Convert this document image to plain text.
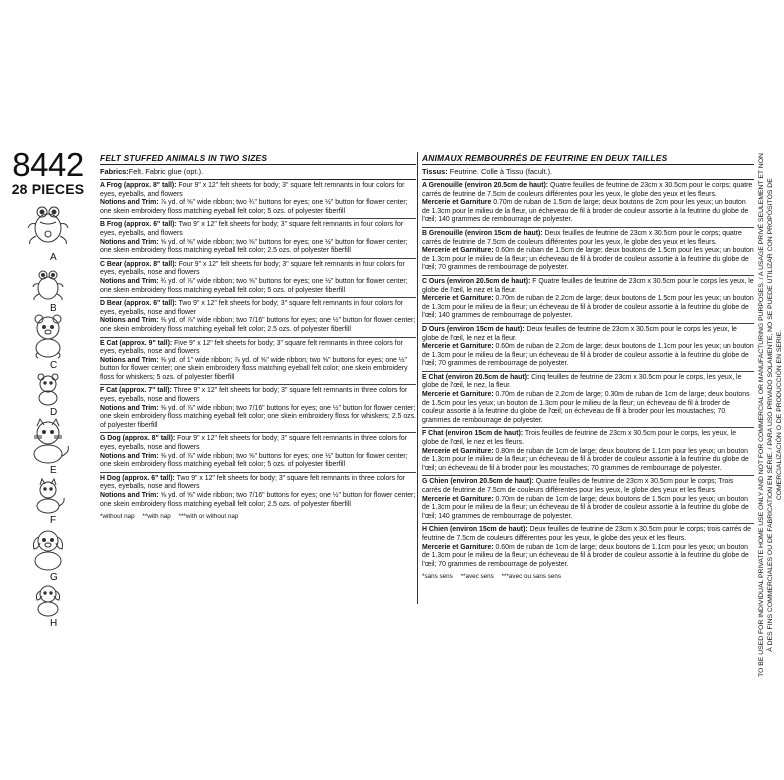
8442
28 PIECES
A
B
C
D
E
F
G
H
FELT STUFFED ANIMALS IN TWO SIZES
Fabrics:Felt. Fabric glue (opt.).
A Frog (approx. 8" tall): Four 9" x 12" felt sheets for body; 3" square felt remnants in four colors for eyes, eyeballs, and flowers
Notions and Trim: ⅞ yd. of ⅝" wide ribbon; two ¾" buttons for eyes; one ½" button for flower center; one skein embroidery floss matching eyeball felt color; 5 ozs. of polyester fiberfill
B Frog (approx. 6" tall): Two 9" x 12" felt sheets for body; 3" square felt remnants in four colors for eyes, eyeballs, and flowers
Notions and Trim: ⅝ yd. of ⅝" wide ribbon; two ⅝" buttons for eyes; one ½" button for flower center; one skein embroidery floss matching eyeball felt color; 2.5 ozs. of polyester fiberfill
C Bear (approx. 8" tall): Four 9" x 12" felt sheets for body; 3" square felt remnants in four colors for eyes, eyeballs, nose and flowers
Notions and Trim: ¾ yd. of ⅞" wide ribbon; two ⅝" buttons for eyes; one ½" button for flower center; one skein embroidery floss matching eyeball felt color; 5 ozs. of polyester fiberfill
D Bear (approx. 6" tall): Two 9" x 12" felt sheets for body; 3" square felt remnants in four colors for eyes, eyeballs, nose and flower
Notions and Trim: ⅜ yd. of ⅞" wide ribbon; two 7/16" buttons for eyes; one ½" button for flower center; one skein embroidery floss matching eyeball felt color; 2.5 ozs. of polyester fiberfill
E Cat (approx. 9" tall): Five 9" x 12" felt sheets for body; 3" square felt remnants in three colors for eyes, eyeballs, nose and flowers
Notions and Trim: ⅜ yd. of 1" wide ribbon; ⅞ yd. of ⅝" wide ribbon; two ⅝" buttons for eyes; one ½" button for flower center; one skein embroidery floss matching eyeball felt color; one skein embroidery floss for whiskers; 5 ozs. of polyester fiberfill
F Cat (approx. 7" tall): Three 9" x 12" felt sheets for body; 3" square felt remnants in three colors for eyes, eyeballs, nose and flowers
Notions and Trim: ⅜ yd. of ⅞" wide ribbon; two 7/16" buttons for eyes; one ½" button for flower center; one skein embroidery floss matching eyeball felt color; one skein embroidery floss for whiskers; 2.5 ozs. of polyester fiberfill
G Dog (approx. 8" tall): Four 9" x 12" felt sheets for body; 3" square felt remnants in three colors for eyes, eyeballs, nose and flowers
Notions and Trim: ⅜ yd. of ⅞" wide ribbon; two ⅝" buttons for eyes; one ½" button for flower center; one skein embroidery floss matching eyeball felt color; 5 ozs. of polyester fiberfill
H Dog (approx. 6" tall): Two 9" x 12" felt sheets for body; 3" square felt remnants in three colors for eyes, eyeballs, nose and flowers
Notions and Trim: ⅝ yd. of ⅝" wide ribbon; two 7/16" buttons for eyes; one ½" button for flower center; one skein embroidery floss matching eyeball felt color; 2.5 ozs. of polyester fiberfill
*without nap **with nap ***with or without nap
ANIMAUX REMBOURRÉS DE FEUTRINE EN DEUX TAILLES
Tissus: Feutrine. Colle à Tissu (facult.).
A Grenouille (environ 20.5cm de haut): Quatre feuilles de feutrine de 23cm x 30.5cm pour le corps; quatre carrés de feutrine de 7.5cm de couleurs différentes pour les yeux, le globe des yeux et les fleurs.
Mercerie et Garniture 0.70m de ruban de 1.5cm de large; deux boutons de 2cm pour les yeux; un bouton de 1.3cm pour le milieu de la fleur, un écheveau de fil à broder de couleur assortie à la feutrine du globe de l'œil; 140 grammes de rembourrage de polyester.
B Grenouille (environ 15cm de haut): Deux feuilles de feutrine de 23cm x 30.5cm pour le corps; quatre carrés de feutrine de 7.5cm de couleurs différentes pour les yeux, le globe des yeux et les fleurs.
Mercerie et Garniture: 0.60m de ruban de 1.5cm de large; deux boutons de 1.5cm pour les yeux; un bouton de 1.3cm pour le milieu de la fleur; un écheveau de fil à broder de couleur assortie à la feutrine du globe de l'œil; 70 grammes de rembourrage de polyester.
C Ours (environ 20.5cm de haut): F Quatre feuilles de feutrine de 23cm x 30.5cm pour le corps les yeux, le globe de l'œil, le nez et la fleur.
Mercerie et Garniture: 0.70m de ruban de 2.2cm de large; deux boutons de 1.5cm pour les yeux; un bouton de 1.3cm pour le milieu de la fleur; un écheveau de fil à broder de couleur assortie à la feutrine du globe de l'œil; 140 grammes de rembourrage de polyester.
D Ours (environ 15cm de haut): Deux feuilles de feutrine de 23cm x 30.5cm pour le corps les yeux, le globe de l'œil, le nez et la fleur.
Mercerie et Garniture: 0.60m de ruban de 2.2cm de large; deux boutons de 1.1cm pour les yeux; un bouton de 1.3cm pour le milieu de la fleur; un écheveau de fil à broder de couleur assortie à la feutrine du globe de l'œil; 70 grammes de rembourrage de polyester.
E Chat (environ 20.5cm de haut): Cinq feuilles de feutrine de 23cm x 30.5cm pour le corps, les yeux, le globe de l'œil, le nez, la fleur.
Mercerie et Garniture: 0.70m de ruban de 2.2cm de large; 0.30m de ruban de 1cm de large; deux boutons de 1.5cm pour les yeux; un bouton de 1.3cm pour le milieu de la fleur; un écheveau de fil à broder de couleur assortie à la feutrine du globe de l'œil; un écheveau de fil à broder pour les moustaches; 70 grammes de rembourrage de polyester.
F Chat (environ 15cm de haut): Trois feuilles de feutrine de 23cm x 30.5cm pour le corps, les yeux, le globe de l'œil, le nez et les fleurs.
Mercerie et Garniture: 0.80m de ruban de 1cm de large; deux boutons de 1.1cm pour les yeux; un bouton de 1.3cm pour le milieu de la fleur; un écheveau de fil à broder de couleur assortie à la feutrine du globe de l'œil; un écheveau de fil à broder pour les moustaches; 70 grammes de rembourrage de polyester.
G Chien (environ 20.5cm de haut): Quatre feuilles de feutrine de 23cm x 30.5cm pour le corps; Trois carrés de feutrine de 7.5cm de couleurs différentes pour les yeux, le globe des yeux et les fleurs
Mercerie et Garniture: 0.70m de ruban de 1cm de large; deux boutons de 1.5cm pour les yeux; un bouton de 1.3cm pour le milieu de la fleur; un écheveau de fil à broder de couleur assortie à la feutrine du globe de l'œil; 140 grammes de rembourrage de polyester.
H Chien (environ 15cm de haut): Deux feuilles de feutrine de 23cm x 30.5cm pour le corps; trois carrés de feutrine de 7.5cm de couleurs différentes pour les yeux, le globe des yeux et les fleurs.
Mercerie et Garniture: 0.60m de ruban de 1cm de large; deux boutons de 1.1cm pour les yeux; un bouton de 1.3cm pour le milieu de la fleur; un écheveau de fil à broder de couleur assortie à la feutrine du globe de l'œil; 70 grammes de rembourrage de polyester.
*sans sens **avec sens ***avec ou sans sens	TO BE USED FOR INDIVIDUAL PRIVATE HOME USE ONLY AND NOT FOR COMMERCIAL OR MANUFACTURING PURPOSES. / A USAGE PRIVÉ SEULEMENT ET NON À DES FINS COMMERCIALES OU DE FABRICATION EN SÉRIE. / PARA USO PRIVADO SOLAMENTE, NO SE PUEDE UTILIZAR CON PROPÓSITOS DE COMERCIALIZACIÓN O DE PRODUCCIÓN EN SERIE.
